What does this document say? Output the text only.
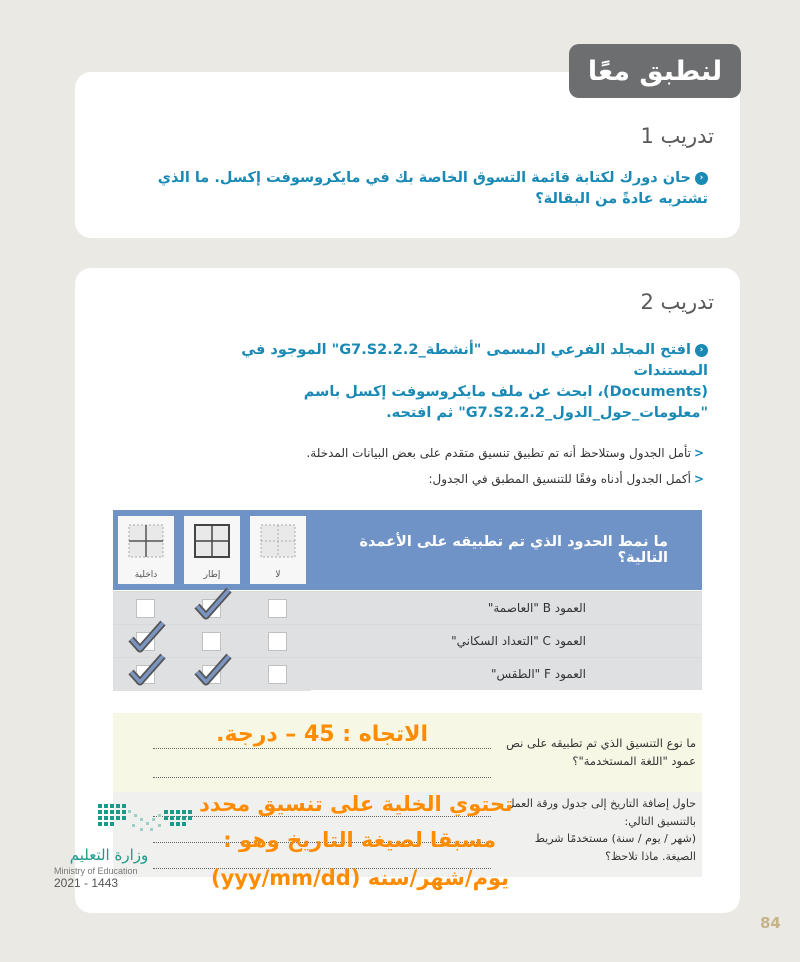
لنطبق معًا
تدريب 1
‹حان دورك لكتابة قائمة التسوق الخاصة بك في مايكروسوفت إكسل. ما الذي تشتريه عادةً من البقالة؟
تدريب 2
‹افتح المجلد الفرعي المسمى "أنشطة_G7.S2.2.2" الموجود في المستندات
(Documents)، ابحث عن ملف مايكروسوفت إكسل باسم
"معلومات_حول_الدول_G7.S2.2.2" ثم افتحه.
<تأمل الجدول وستلاحظ أنه تم تطبيق تنسيق متقدم على بعض البيانات المدخلة.
<أكمل الجدول أدناه وفقًا للتنسيق المطبق في الجدول:
ما نمط الحدود الذي تم تطبيقه على الأعمدة التالية؟
لا
إطار
داخلية
العمود B "العاصمة"
العمود C "التعداد السكاني"
العمود F "الطقس"
ما نوع التنسيق الذي تم تطبيقه على نص عمود "اللغة المستخدمة"؟
حاول إضافة التاريخ إلى جدول ورقة العمل بالتنسيق التالي:
(شهر / يوم / سنة) مستخدمًا شريط الصيغة. ماذا تلاحظ؟
وزارة التعليم
Ministry of Education
2021 - 1443
الاتجاه : 45 – درجة.
تحتوي الخلية على تنسيق محدد
مسبقا لصيغة التاريخ وهو :
يوم/شهر/سنه (yyy/mm/dd)
84
